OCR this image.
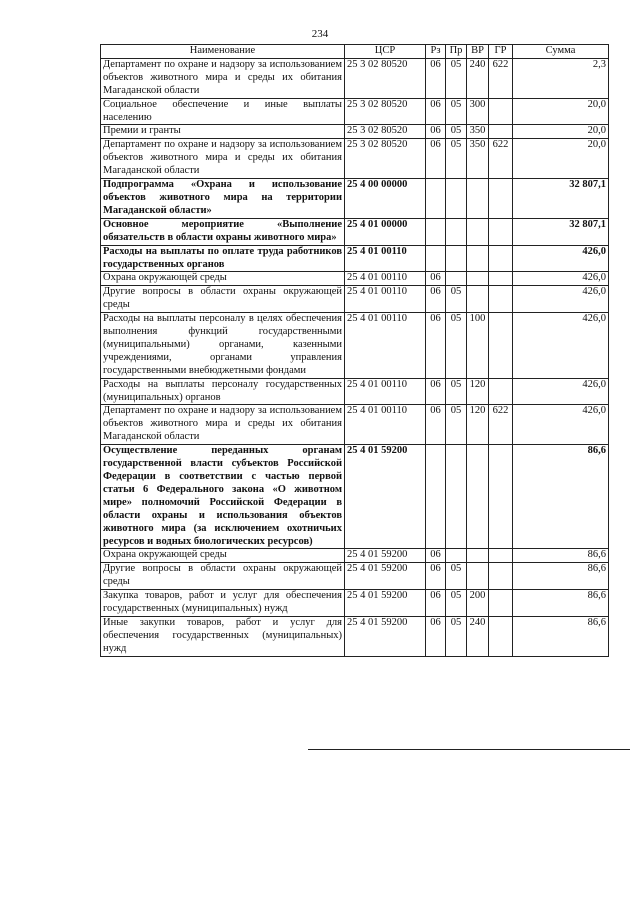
234
Наименование	ЦСР	Рз	Пр	ВР	ГР	Сумма
Департамент по охране и надзору за использованием объектов животного мира и среды их обитания Магаданской области	25 3 02 80520	06	05	240	622	2,3
Социальное обеспечение и иные выплаты населению	25 3 02 80520	06	05	300		20,0
Премии и гранты	25 3 02 80520	06	05	350		20,0
Департамент по охране и надзору за использованием объектов животного мира и среды их обитания Магаданской области	25 3 02 80520	06	05	350	622	20,0
Подпрограмма «Охрана и использование объектов животного мира на территории Магаданской области»	25 4 00 00000					32 807,1
Основное мероприятие «Выполнение обязательств в области охраны животного мира»	25 4 01 00000					32 807,1
Расходы на выплаты по оплате труда работников государственных органов	25 4 01 00110					426,0
Охрана окружающей среды	25 4 01 00110	06				426,0
Другие вопросы в области охраны окружающей среды	25 4 01 00110	06	05			426,0
Расходы на выплаты персоналу в целях обеспечения выполнения функций государственными (муниципальными) органами, казенными учреждениями, органами управления государственными внебюджетными фондами	25 4 01 00110	06	05	100		426,0
Расходы на выплаты персоналу государственных (муниципальных) органов	25 4 01 00110	06	05	120		426,0
Департамент по охране и надзору за использованием объектов животного мира и среды их обитания Магаданской области	25 4 01 00110	06	05	120	622	426,0
Осуществление переданных органам государственной власти субъектов Российской Федерации в соответствии с частью первой статьи 6 Федерального закона «О животном мире» полномочий Российской Федерации в области охраны и использования объектов животного мира (за исключением охотничьих ресурсов и водных биологических ресурсов)	25 4 01 59200					86,6
Охрана окружающей среды	25 4 01 59200	06				86,6
Другие вопросы в области охраны окружающей среды	25 4 01 59200	06	05			86,6
Закупка товаров, работ и услуг для обеспечения государственных (муниципальных) нужд	25 4 01 59200	06	05	200		86,6
Иные закупки товаров, работ и услуг для обеспечения государственных (муниципальных) нужд	25 4 01 59200	06	05	240		86,6
